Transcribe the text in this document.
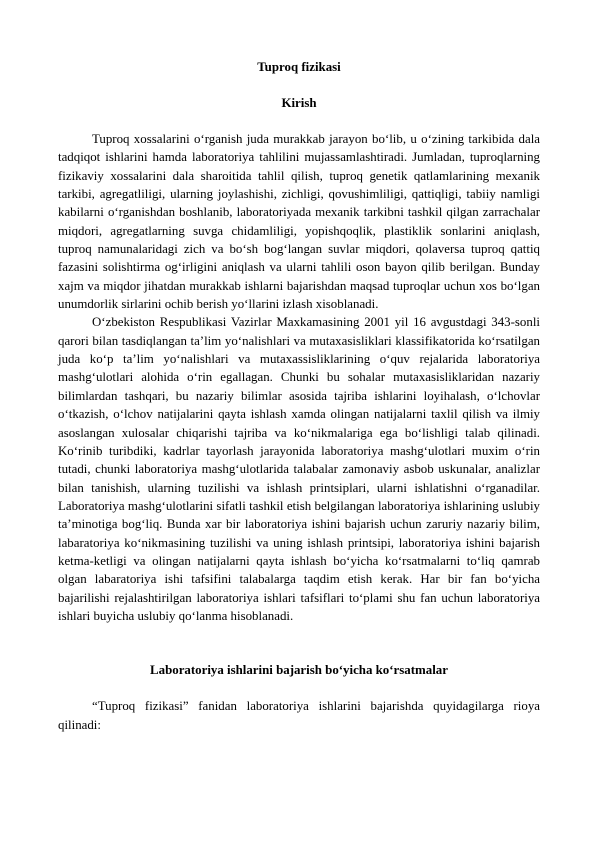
Tuproq fizikasi

Kirish

Tuproq xossalarini o‘rganish juda murakkab jarayon bo‘lib, u o‘zining tarkibida dala tadqiqot ishlarini hamda laboratoriya tahlilini mujassamlashtiradi. Jumladan, tuproqlarning fizikaviy xossalarini dala sharoitida tahlil qilish, tuproq genetik qatlamlarining mexanik tarkibi, agregatliligi, ularning joylashishi, zichligi, qovushimliligi, qattiqligi, tabiiy namligi kabilarni o‘rganishdan boshlanib, laboratoriyada mexanik tarkibni tashkil qilgan zarrachalar miqdori, agregatlarning suvga chidamliligi, yopishqoqlik, plastiklik sonlarini aniqlash, tuproq namunalaridagi zich va bo‘sh bog‘langan suvlar miqdori, qolaversa tuproq qattiq fazasini solishtirma og‘irligini aniqlash va ularni tahlili oson bayon qilib berilgan. Bunday xajm va miqdor jihatdan murakkab ishlarni bajarishdan maqsad tuproqlar uchun xos bo‘lgan unumdorlik sirlarini ochib berish yo‘llarini izlash xisoblanadi.

O‘zbekiston Respublikasi Vazirlar Maxkamasining 2001 yil 16 avgustdagi 343-sonli qarori bilan tasdiqlangan ta’lim yo‘nalishlari va mutaxasisliklari klassifikatorida ko‘rsatilgan juda ko‘p ta’lim yo‘nalishlari va mutaxassisliklarining o‘quv rejalarida laboratoriya mashg‘ulotlari alohida o‘rin egallagan. Chunki bu sohalar mutaxasisliklaridan nazariy bilimlardan tashqari, bu nazariy bilimlar asosida tajriba ishlarini loyihalash, o‘lchovlar o‘tkazish, o‘lchov natijalarini qayta ishlash xamda olingan natijalarni taxlil qilish va ilmiy asoslangan xulosalar chiqarishi tajriba va ko‘nikmalariga ega bo‘lishligi talab qilinadi. Ko‘rinib turibdiki, kadrlar tayorlash jarayonida laboratoriya mashg‘ulotlari muxim o‘rin tutadi, chunki laboratoriya mashg‘ulotlarida talabalar zamonaviy asbob uskunalar, analizlar bilan tanishish, ularning tuzilishi va ishlash printsiplari, ularni ishlatishni o‘rganadilar. Laboratoriya mashg‘ulotlarini sifatli tashkil etish belgilangan laboratoriya ishlarining uslubiy ta’minotiga bog‘liq. Bunda xar bir laboratoriya ishini bajarish uchun zaruriy nazariy bilim, labaratoriya ko‘nikmasining tuzilishi va uning ishlash printsipi, laboratoriya ishini bajarish ketma-ketligi va olingan natijalarni qayta ishlash bo‘yicha ko‘rsatmalarni to‘liq qamrab olgan labaratoriya ishi tafsifini talabalarga taqdim etish kerak. Har bir fan bo‘yicha bajarilishi rejalashtirilgan laboratoriya ishlari tafsiflari to‘plami shu fan uchun laboratoriya ishlari buyicha uslubiy qo‘lanma hisoblanadi.

Laboratoriya ishlarini bajarish bo‘yicha ko‘rsatmalar

“Tuproq fizikasi” fanidan laboratoriya ishlarini bajarishda quyidagilarga rioya qilinadi:
